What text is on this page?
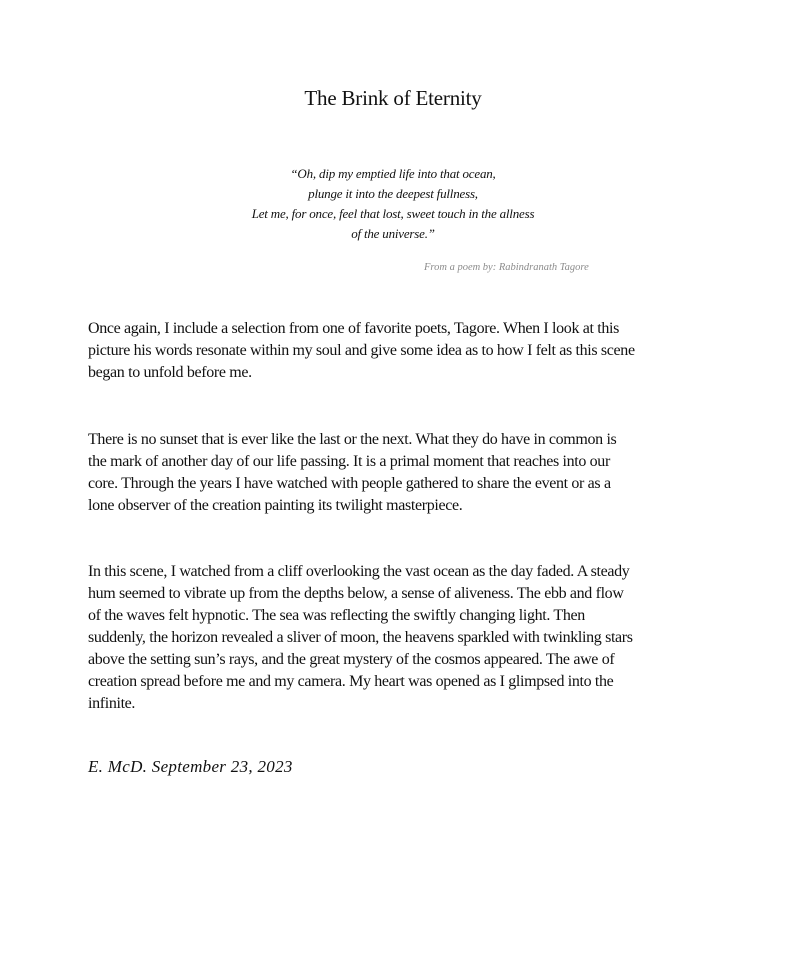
The Brink of Eternity
“Oh, dip my emptied life into that ocean,
plunge it into the deepest fullness,
Let me, for once, feel that lost, sweet touch in the allness
of the universe.”
From a poem by: Rabindranath Tagore
Once again, I include a selection from one of favorite poets, Tagore. When I look at this
picture his words resonate within my soul and give some idea as to how I felt as this scene
began to unfold before me.
There is no sunset that is ever like the last or the next. What they do have in common is
the mark of another day of our life passing. It is a primal moment that reaches into our
core. Through the years I have watched with people gathered to share the event or as a
lone observer of the creation painting its twilight masterpiece.
In this scene, I watched from a cliff overlooking the vast ocean as the day faded. A steady
hum seemed to vibrate up from the depths below, a sense of aliveness. The ebb and flow
of the waves felt hypnotic. The sea was reflecting the swiftly changing light. Then
suddenly, the horizon revealed a sliver of moon, the heavens sparkled with twinkling stars
above the setting sun’s rays, and the great mystery of the cosmos appeared. The awe of
creation spread before me and my camera. My heart was opened as I glimpsed into the
infinite.
E. McD. September 23, 2023
